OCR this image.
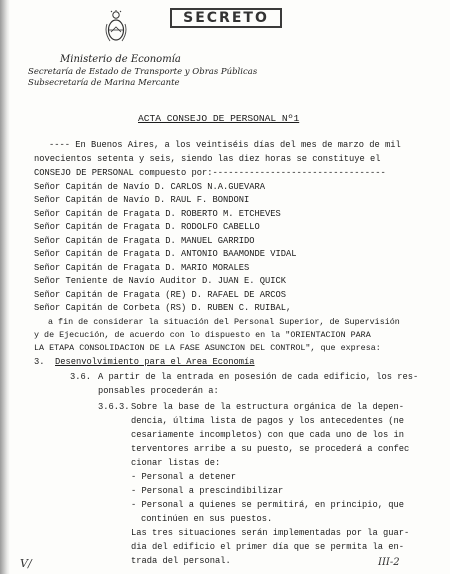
SECRETO
Ministerio de Economía
Secretaría de Estado de Transporte y Obras Públicas
Subsecretaría de Marina Mercante
ACTA CONSEJO DE PERSONAL Nº1
---- En Buenos Aires, a los veintiséis días del mes de marzo de mil
novecientos setenta y seis, siendo las diez horas se constituye el
CONSEJO DE PERSONAL compuesto por:---------------------------------
Señor Capitán de Navío D. CARLOS N.A.GUEVARA
Señor Capitán de Navío D. RAUL F. BONDONI
Señor Capitán de Fragata D. ROBERTO M. ETCHEVES
Señor Capitán de Fragata D. RODOLFO CABELLO
Señor Capitán de Fragata D. MANUEL GARRIDO
Señor Capitán de Fragata D. ANTONIO BAAMONDE VIDAL
Señor Capitán de Fragata D. MARIO MORALES
Señor Teniente de Navío Auditor D. JUAN E. QUICK
Señor Capitán de Fragata (RE) D. RAFAEL DE ARCOS
Señor Capitán de Corbeta (RS) D. RUBEN C. RUIBAL,
a fin de considerar la situación del Personal Superior, de Supervisión
y de Ejecución, de acuerdo con lo dispuesto en la "ORIENTACION PARA
LA ETAPA CONSOLIDACION DE LA FASE ASUNCION DEL CONTROL", que expresa:
3. Desenvolvimiento para el Area Economía
3.6. A partir de la entrada en posesión de cada edificio, los res-
ponsables procederán a:
3.6.3. Sobre la base de la estructura orgánica de la depen-
dencia, última lista de pagos y los antecedentes (ne
cesariamente incompletos) con que cada uno de los in
terventores arribe a su puesto, se procederá a confec
cionar listas de:
- Personal a detener
- Personal a prescindibilizar
- Personal a quienes se permitirá, en principio, que
continúen en sus puestos.
Las tres situaciones serán implementadas por la guar-
dia del edificio el primer día que se permita la en-
trada del personal.
V/	III-2
